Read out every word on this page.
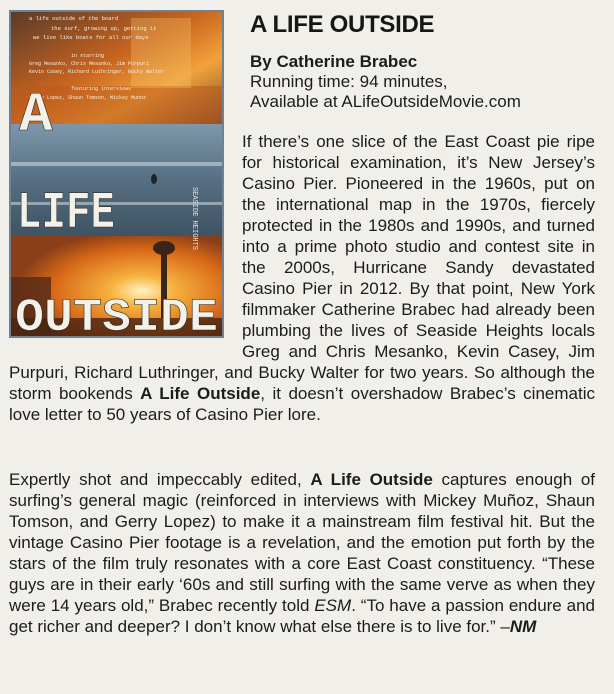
a life outside of the board
the surf, growing up, getting it
we live like boats for all our days
in starring
Greg Mesanko, Chris Mesanko, Jim Purpuri
Kevin Casey, Richard Luthringer, Bucky Walter
featuring interviews
Gerry Lopez, Shaun Tomson, Mickey Munoz
A
LIFE
OUTSIDE
SEASIDE HEIGHTS
A LIFE OUTSIDE
By Catherine Brabec
Running time: 94 minutes,
Available at ALifeOutsideMovie.com

If there’s one slice of the East Coast pie ripe for historical examination, it’s New Jersey’s Casino Pier. Pioneered in the 1960s, put on the international map in the 1970s, fiercely protected in the 1980s and 1990s, and turned into a prime photo studio and contest site in the 2000s, Hurricane Sandy devastated Casino Pier in 2012. By that point, New York filmmaker Catherine Brabec had already been plumbing the lives of Seaside Heights locals Greg and Chris Mesanko, Kevin Casey, Jim Purpuri, Richard Luthringer, and Bucky Walter for two years. So although the storm bookends A Life Outside, it doesn’t overshadow Brabec’s cinematic love letter to 50 years of Casino Pier lore.

Expertly shot and impeccably edited, A Life Outside captures enough of surfing’s general magic (reinforced in interviews with Mickey Muñoz, Shaun Tomson, and Gerry Lopez) to make it a mainstream film festival hit. But the vintage Casino Pier footage is a revelation, and the emotion put forth by the stars of the film truly resonates with a core East Coast constituency. “These guys are in their early ‘60s and still surfing with the same verve as when they were 14 years old,” Brabec recently told ESM. “To have a passion endure and get richer and deeper? I don’t know what else there is to live for.” –NM
